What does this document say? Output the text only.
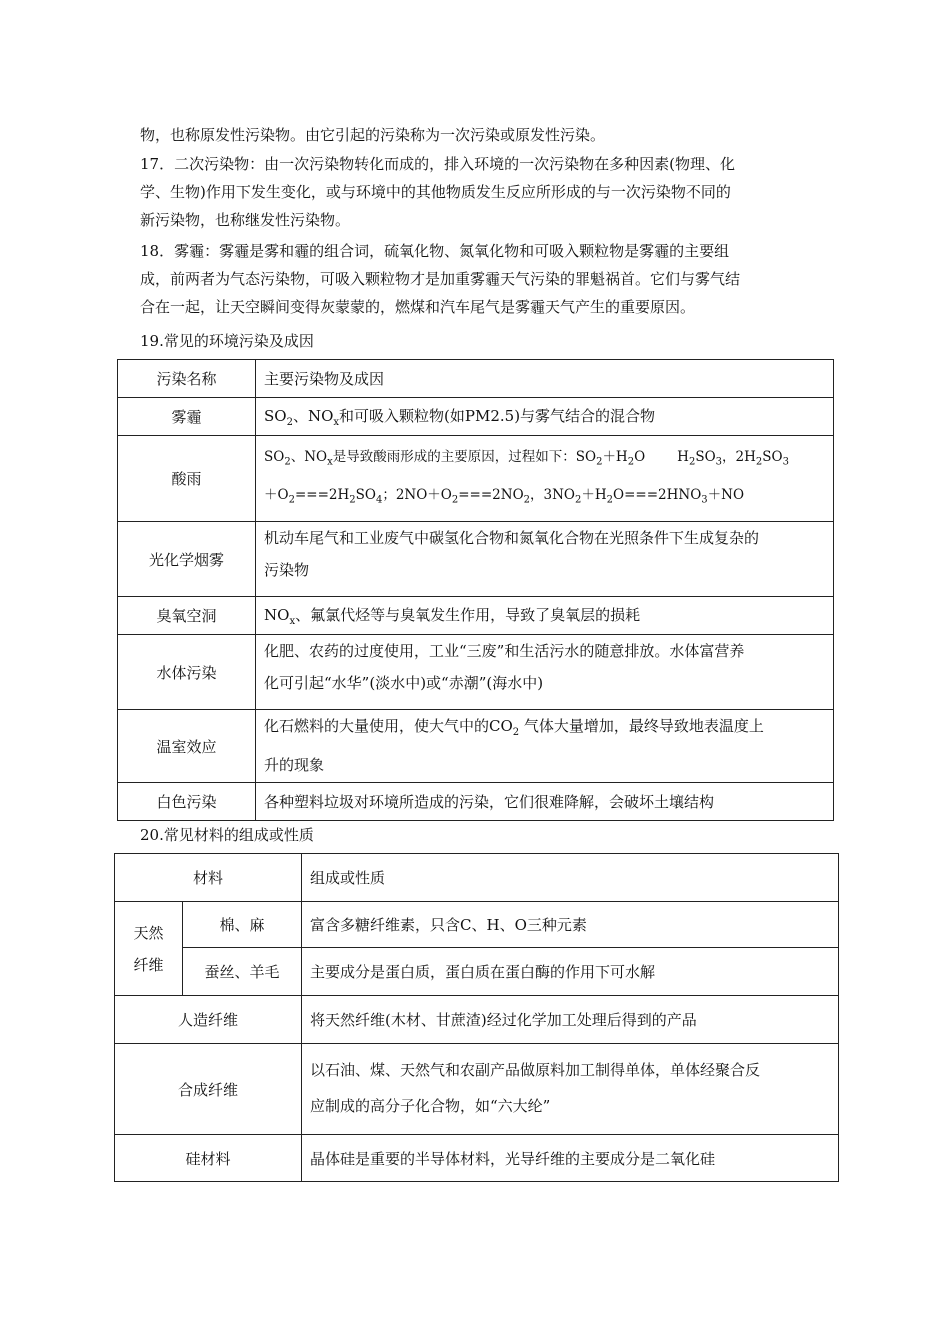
物，也称原发性污染物。由它引起的污染称为一次污染或原发性污染。

17．二次污染物：由一次污染物转化而成的，排入环境的一次污染物在多种因素(物理、化
学、生物)作用下发生变化，或与环境中的其他物质发生反应所形成的与一次污染物不同的
新污染物，也称继发性污染物。

18．雾霾：雾霾是雾和霾的组合词，硫氧化物、氮氧化物和可吸入颗粒物是雾霾的主要组
成，前两者为气态污染物，可吸入颗粒物才是加重雾霾天气污染的罪魁祸首。它们与雾气结
合在一起，让天空瞬间变得灰蒙蒙的，燃煤和汽车尾气是雾霾天气产生的重要原因。

19.常见的环境污染及成因
污染名称	主要污染物及成因
雾霾	$SO_2$、$NO_x$和可吸入颗粒物(如PM2.5)与雾气结合的混合物
酸雨	$SO_2$、$NO_x$是导致酸雨形成的主要原因，过程如下：$SO_2+H_2O$ $H_2SO_3$，$2H_2SO_3$
$+O_2===2H_2SO_4$；$2NO+O_2===2NO_2$，$3NO_2+H_2O===2HNO_3+NO$

光化学烟雾	机动车尾气和工业废气中碳氢化合物和氮氧化合物在光照条件下生成复杂的
污染物

臭氧空洞	$NO_x$、氟氯代烃等与臭氧发生作用，导致了臭氧层的损耗
水体污染	化肥、农药的过度使用，工业“三废”和生活污水的随意排放。水体富营养
化可引起“水华”(淡水中)或“赤潮”(海水中)

温室效应	化石燃料的大量使用，使大气中的$CO_2$ 气体大量增加，最终导致地表温度上
升的现象

白色污染	各种塑料垃圾对环境所造成的污染，它们很难降解，会破坏土壤结构
20.常见材料的组成或性质
材料		组成或性质

天然
纤维	棉、麻	富含多糖纤维素，只含C、H、O三种元素
	蚕丝、羊毛	主要成分是蛋白质，蛋白质在蛋白酶的作用下可水解
人造纤维		将天然纤维(木材、甘蔗渣)经过化学加工处理后得到的产品
合成纤维		以石油、煤、天然气和农副产品做原料加工制得单体，单体经聚合反
应制成的高分子化合物，如“六大纶”

硅材料		晶体硅是重要的半导体材料，光导纤维的主要成分是二氧化硅
